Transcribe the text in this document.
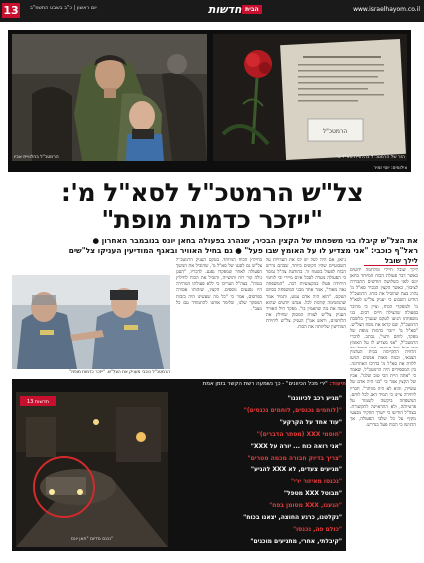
13 יום ראשון | כ"ב בשבט התשפ"ב	חדשות הבית	www.israelhayom.co.il
הרמטכ"ל בהלוויית אביו
הרמטכ"ל
הזר של הרמטכ"ל בהלוויית סא"ל מ'
צילומים: יוסי זמיר
צל"ש הרמטכ"ל לסא"ל מ':
"ייזכר כדמות מופת"
את הצל"ש קיבלו בני משפחתו של הקצין הבכיר, שנהרג בפעולה בחאן יונס בנובמבר האחרון ●
ראל"ף כוכבי: "אני מצדיע לו על האומץ שבו פעל" ● גם בחיל האוויר ובאגף המודיעין העניקו צל"שים
לילך שובל
לילך שובל חיילי ומלחמה ידועים כאשר דבר פעולת הכוח המיוחד בחאן יונס לפני כשלושה חודשים התבררה לציבור, כאשר הקצין הבכיר סא"ל מ' נהרג בעת שהוביל את כוחו. הרמטכ"ל הודיע השבוע כי יעניק צל"ש לסא"ל מ' ולמפקדי הכוח, וציין כי מדובר בפעולה שהצילה חיים רבים. בני משפחתו הגיעו לטקס שנערך בלשכת הרמטכ"ל, שם קראו את נוסח הצל"ש. "סא"ל מ' ייזכר כדמות מופת של מפקד, לוחם ורעי", נכתב. לדברי הרמטכ"ל, "אני מצדיע לו על האומץ
ג'ואן, אם היה לעל יש לנו את העדויות על השבועיים שהיו הקשים ביותר, שבהם נדרש הכוח לפעול בשטח זר. בהודעת צה"ל נמסר כי הפעולה נועדה לסכל איום מיידי וכי לוחמי היחידה פעלו במקצועיות רבה. "המשפחה גאה מאוד", אמר אחד מבני המשפחה בסיום הטקס. "הוא היה אדם צנוע, ותמיד אמר שהמשימה קודמת לכל. אנחנו יודעים שהוא עשה את מה שהאמין בו". מפקד חיל האוויר העניק צל"ש לצוות המסוק שחילץ את הלוחמים, וראש אמ"ן העניק צל"ש ליחידת המודיעין שליוותה את הכוח.
בחילוץ הכוח המיוחד. בטקס העניק הרמטכ"ל צל"ש גם לסגנו של סא"ל מ', שהוביל את המשך הפעולה לאחר שמפקדו נפגע. לדבריו, "הסגן גילה קור רוח ותושייה, והוביל את הכוח לחילוץ בטוח". בצה"ל העריכו כי ללא פעולתו המהירה היו נפגעים נוספים. הקצין, שזהותו אסורה בפרסום, אמר כי "כל מה שעשינו היה בזכות המפקד שלנו, שלימד אותנו להתמודד עם כל מצב".
הרמטכ"ל כוכבי מעניק את הצל"ש. "ייזכר כדמות מופת"
תיעוד: "ירי מכל הכיוונים" - כך נשמעה רשת הקשר בזמן אמת
חדשות 13
נכנס מדיום "חאן יונס"
"מגיע רכב לכיווננו"
"(לוחמים נכנסים, לוחמים נכנסים)"
"עוד אחד על הקרקע"
"חוסמי XXX (מסתר הדברים)"
"אני רואה כוח ... יורה על XXX"
"צריך בדיוק חבורה מכמה מטרים"
"מגיעים צעדים, לא XXX להגיע"
"נכנסו מאיזור ירי"
"מבוטל XXX מטפל"
"הגענו, XXX מסומן בפח"
"נקלטנו, כרגע החוצה, יצאנו בכוח"
"כולם פה, נכנסו"
"קיבלתי, אחרי, מתניעים מוכנים"
הלוויה התקיימה בבית העלמין הצבאי, וכמה מאות אנשים הגיעו ללוות את סא"ל מ' בדרכו האחרונה. בין המספידים היה הרמטכ"ל, שאמר כי "אתה היית הכי טוב שלנו". אביו של הקצין אמר כי "בני היה אדם של עשייה, והוא לא היה מוותר". חבריו ליחידה ציינו כי תמיד דאג לכל לוחם. המשפחה ביקשה לשמור על פרטיותה, ולא התראיינה לתקשורת. בצה"ל הודיעו כי ייערך תחקיר מבצעי מקיף על כל שלבי הפעולה, אך הדגישו כי הכוח פעל כנדרש.
